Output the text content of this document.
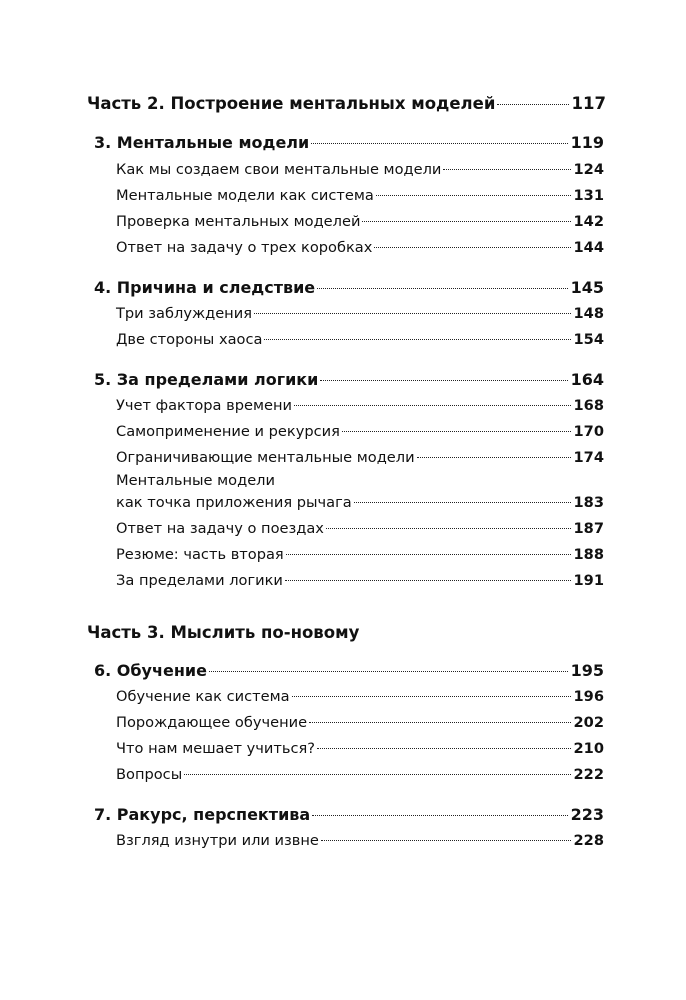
Часть 2. Построение ментальных моделей	117
3. Ментальные модели	119
Как мы создаем свои ментальные модели	124
Ментальные модели как система	131
Проверка ментальных моделей	142
Ответ на задачу о трех коробках	144
4. Причина и следствие	145
Три заблуждения	148
Две стороны хаоса	154
5. За пределами логики	164
Учет фактора времени	168
Самоприменение и рекурсия	170
Ограничивающие ментальные модели	174
Ментальные модели
как точка приложения рычага	183
Ответ на задачу о поездах	187
Резюме: часть вторая	188
За пределами логики	191
Часть 3. Мыслить по-новому
6. Обучение	195
Обучение как система	196
Порождающее обучение	202
Что нам мешает учиться?	210
Вопросы	222
7. Ракурс, перспектива	223
Взгляд изнутри или извне	228
